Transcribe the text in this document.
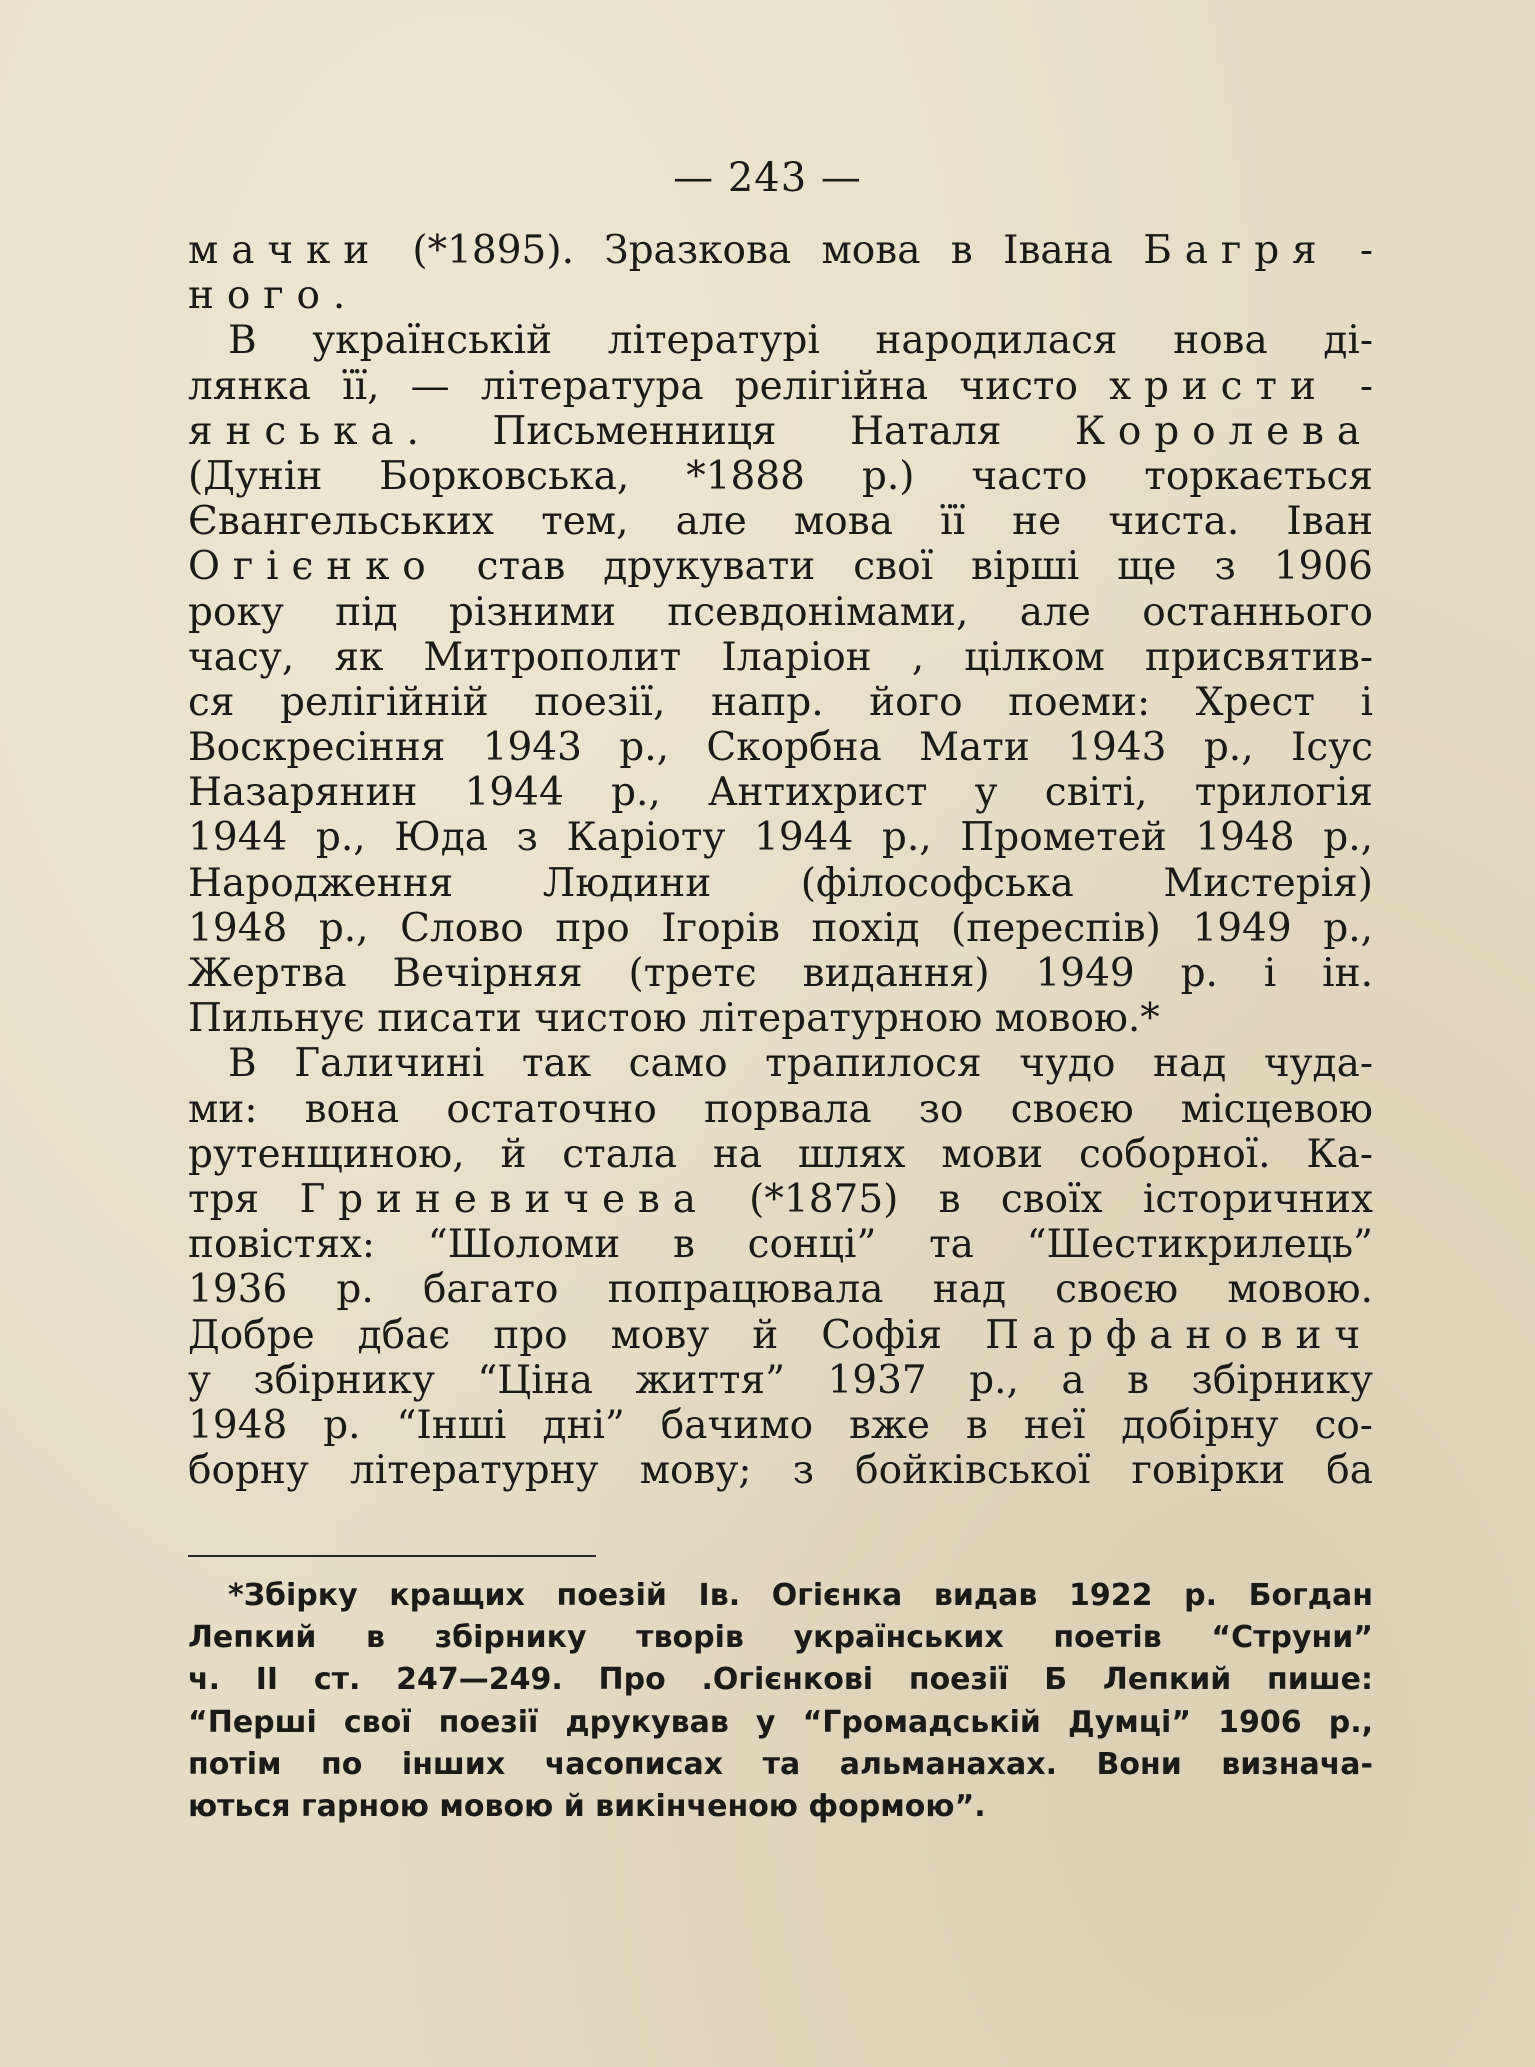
— 243 —
мачки (*1895). Зразкова мова в Івана Багря -
ного.
В українській літературі народилася нова ді-
лянка її, — література релігійна чисто христи -
янська. Письменниця Наталя Королева
(Дунін Борковська, *1888 р.) часто торкається
Євангельських тем, але мова її не чиста. Іван
Огієнко став друкувати свої вірші ще з 1906
року під різними псевдонімами, але останнього
часу, як Митрополит Іларіон , цілком присвятив-
ся релігійній поезії, напр. його поеми: Хрест і
Воскресіння 1943 р., Скорбна Мати 1943 р., Ісус
Назарянин 1944 р., Антихрист у світі, трилогія
1944 р., Юда з Каріоту 1944 р., Прометей 1948 р.,
Народження Людини (філософська Мистерія)
1948 р., Слово про Ігорів похід (переспів) 1949 р.,
Жертва Вечірняя (третє видання) 1949 р. і ін.
Пильнує писати чистою літературною мовою.*
В Галичині так само трапилося чудо над чуда-
ми: вона остаточно порвала зо своєю місцевою
рутенщиною, й стала на шлях мови соборної. Ка-
тря Гриневичева (*1875) в своїх історичних
повістях: “Шоломи в сонці” та “Шестикрилець”
1936 р. багато попрацювала над своєю мовою.
Добре дбає про мову й Софія Парфанович
у збірнику “Ціна життя” 1937 р., а в збірнику
1948 р. “Інші дні” бачимо вже в неї добірну со-
борну літературну мову; з бойківської говірки ба
*Збірку кращих поезій Ів. Огієнка видав 1922 р. Богдан
Лепкий в збірнику творів українських поетів “Струни”
ч. II ст. 247—249. Про .Огієнкові поезії Б Лепкий пише:
“Перші свої поезії друкував у “Громадській Думці” 1906 р.,
потім по інших часописах та альманахах. Вони визнача-
ються гарною мовою й викінченою формою”.
